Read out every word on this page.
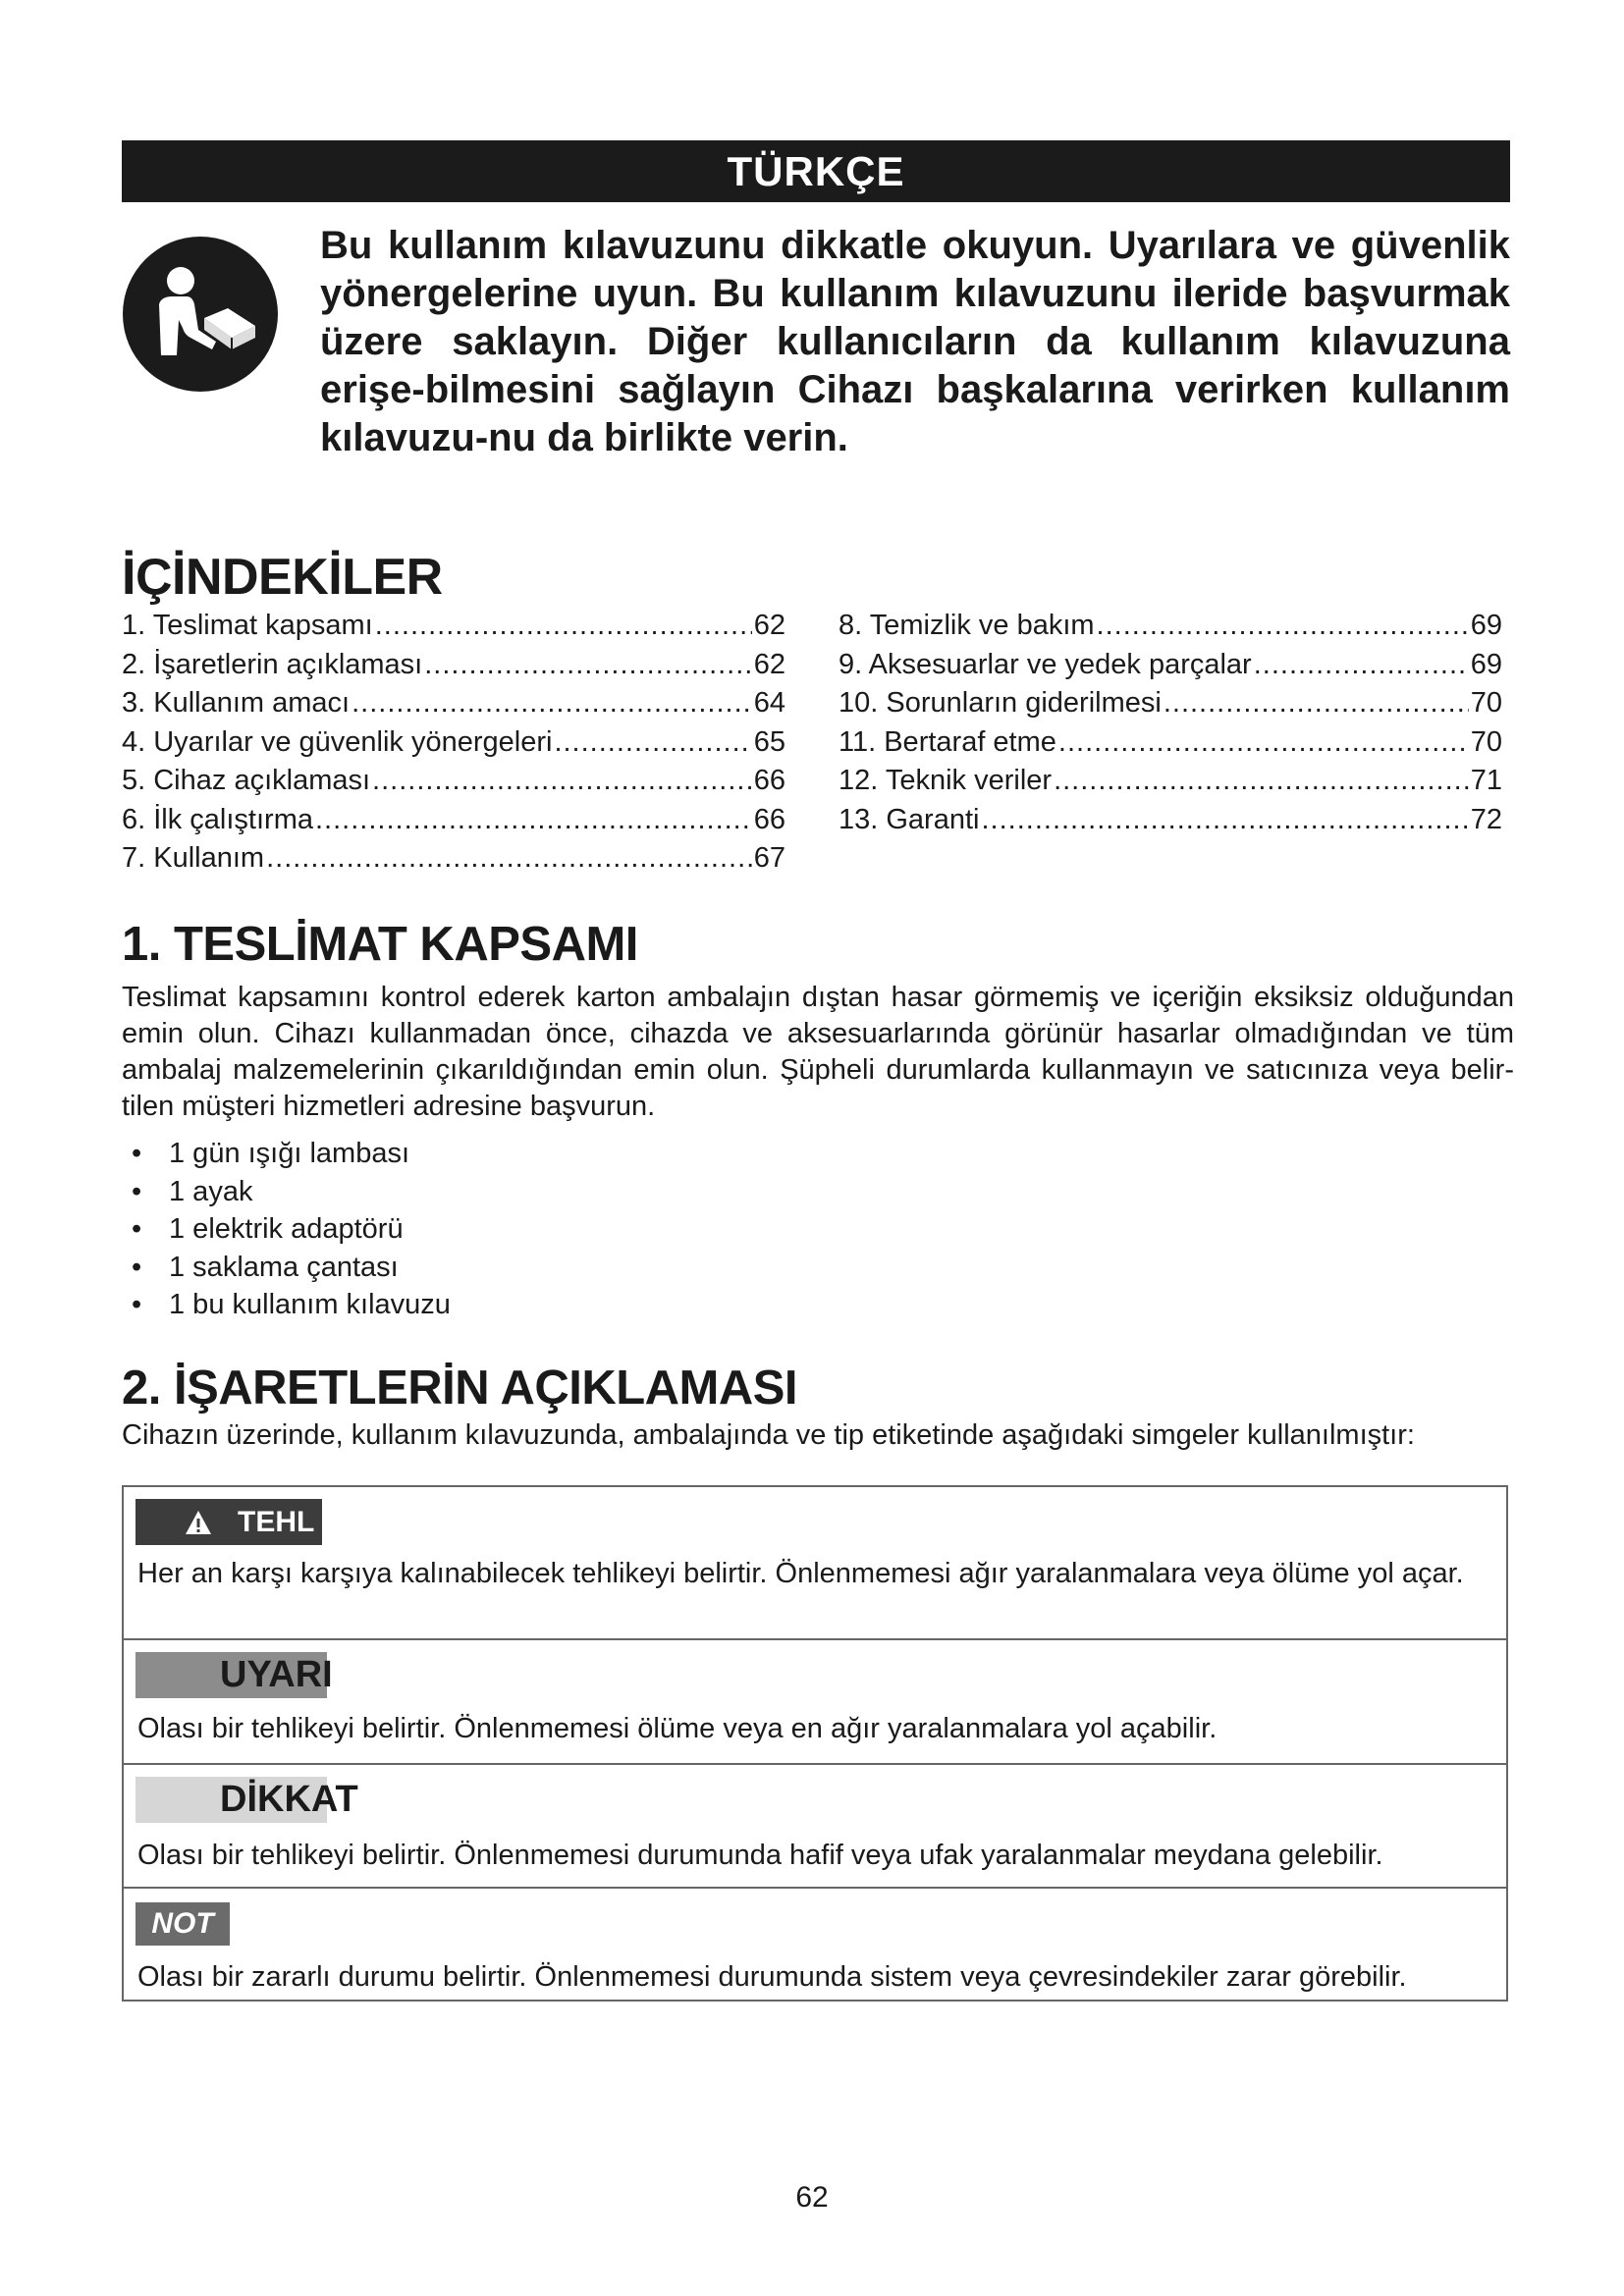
TÜRKÇE

Bu kullanım kılavuzunu dikkatle okuyun. Uyarılara ve güvenlik yönergelerine uyun. Bu kullanım kılavuzunu ileride başvurmak üzere saklayın. Diğer kullanıcıların da kullanım kılavuzuna erişe-bilmesini sağlayın Cihazı başkalarına verirken kullanım kılavuzu-nu da birlikte verin.

İÇİNDEKİLER
1. Teslimat kapsamı .....	62
2. İşaretlerin açıklaması .....	62
3. Kullanım amacı .....	64
4. Uyarılar ve güvenlik yönergeleri .....	65
5. Cihaz açıklaması .....	66
6. İlk çalıştırma .....	66
7. Kullanım .....	67
8. Temizlik ve bakım .....	69
9. Aksesuarlar ve yedek parçalar .....	69
10. Sorunların giderilmesi .....	70
11. Bertaraf etme .....	70
12. Teknik veriler .....	71
13. Garanti .....	72
1. TESLİMAT KAPSAMI

Teslimat kapsamını kontrol ederek karton ambalajın dıştan hasar görmemiş ve içeriğin eksiksiz olduğundan emin olun. Cihazı kullanmadan önce, cihazda ve aksesuarlarında görünür hasarlar olmadığından ve tüm ambalaj malzemelerinin çıkarıldığından emin olun. Şüpheli durumlarda kullanmayın ve satıcınıza veya belir-tilen müşteri hizmetleri adresine başvurun.

• 1 gün ışığı lambası
• 1 ayak
• 1 elektrik adaptörü
• 1 saklama çantası
• 1 bu kullanım kılavuzu
2. İŞARETLERİN AÇIKLAMASI

Cihazın üzerinde, kullanım kılavuzunda, ambalajında ve tip etiketinde aşağıdaki simgeler kullanılmıştır:

TEHL

Her an karşı karşıya kalınabilecek tehlikeyi belirtir. Önlenmemesi ağır yaralanmalara veya ölüme yol açar.

UYARI

Olası bir tehlikeyi belirtir. Önlenmemesi ölüme veya en ağır yaralanmalara yol açabilir.

DİKKAT

Olası bir tehlikeyi belirtir. Önlenmemesi durumunda hafif veya ufak yaralanmalar meydana gelebilir.

NOT

Olası bir zararlı durumu belirtir. Önlenmemesi durumunda sistem veya çevresindekiler zarar görebilir.

62
